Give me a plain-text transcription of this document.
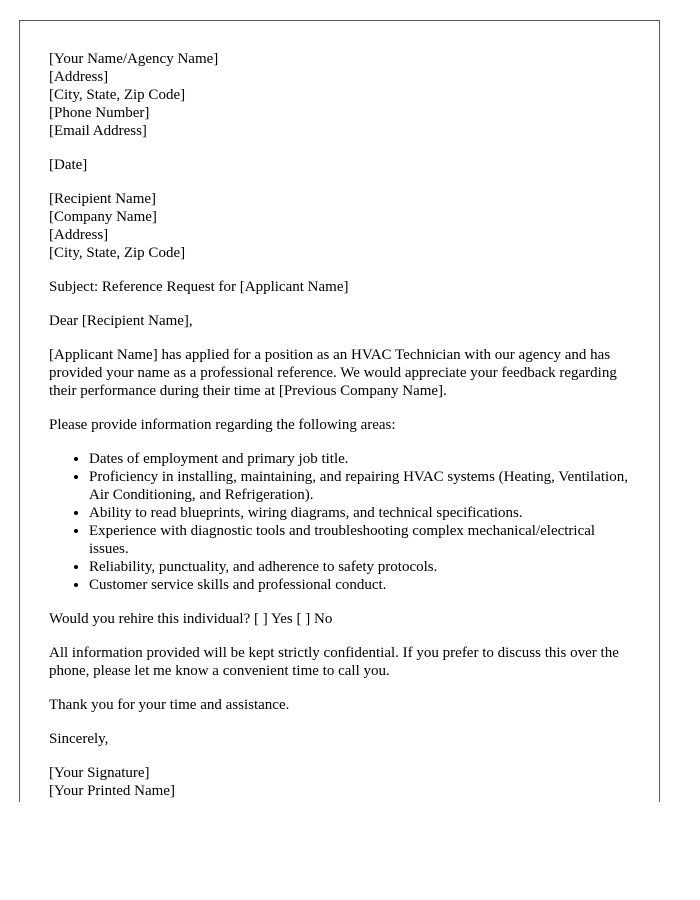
[Your Name/Agency Name]
[Address]
[City, State, Zip Code]
[Phone Number]
[Email Address]

[Date]

[Recipient Name]
[Company Name]
[Address]
[City, State, Zip Code]

Subject: Reference Request for [Applicant Name]

Dear [Recipient Name],

[Applicant Name] has applied for a position as an HVAC Technician with our agency and has provided your name as a professional reference. We would appreciate your feedback regarding their performance during their time at [Previous Company Name].

Please provide information regarding the following areas:

• Dates of employment and primary job title.
• Proficiency in installing, maintaining, and repairing HVAC systems (Heating, Ventilation, Air Conditioning, and Refrigeration).
• Ability to read blueprints, wiring diagrams, and technical specifications.
• Experience with diagnostic tools and troubleshooting complex mechanical/electrical issues.
• Reliability, punctuality, and adherence to safety protocols.
• Customer service skills and professional conduct.

Would you rehire this individual? [ ] Yes [ ] No

All information provided will be kept strictly confidential. If you prefer to discuss this over the phone, please let me know a convenient time to call you.

Thank you for your time and assistance.

Sincerely,

[Your Signature]
[Your Printed Name]
